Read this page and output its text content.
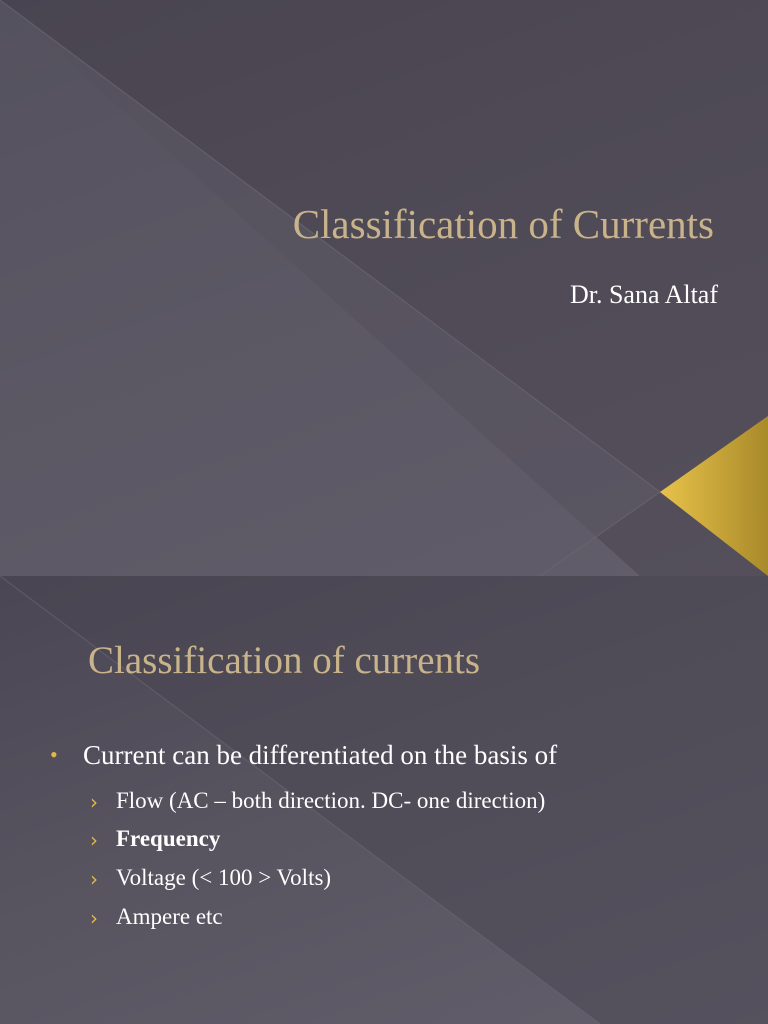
Classification of Currents
Dr. Sana Altaf
Classification of currents
• Current can be differentiated on the basis of
› Flow (AC – both direction. DC- one direction)
› Frequency
› Voltage (< 100 > Volts)
› Ampere etc
